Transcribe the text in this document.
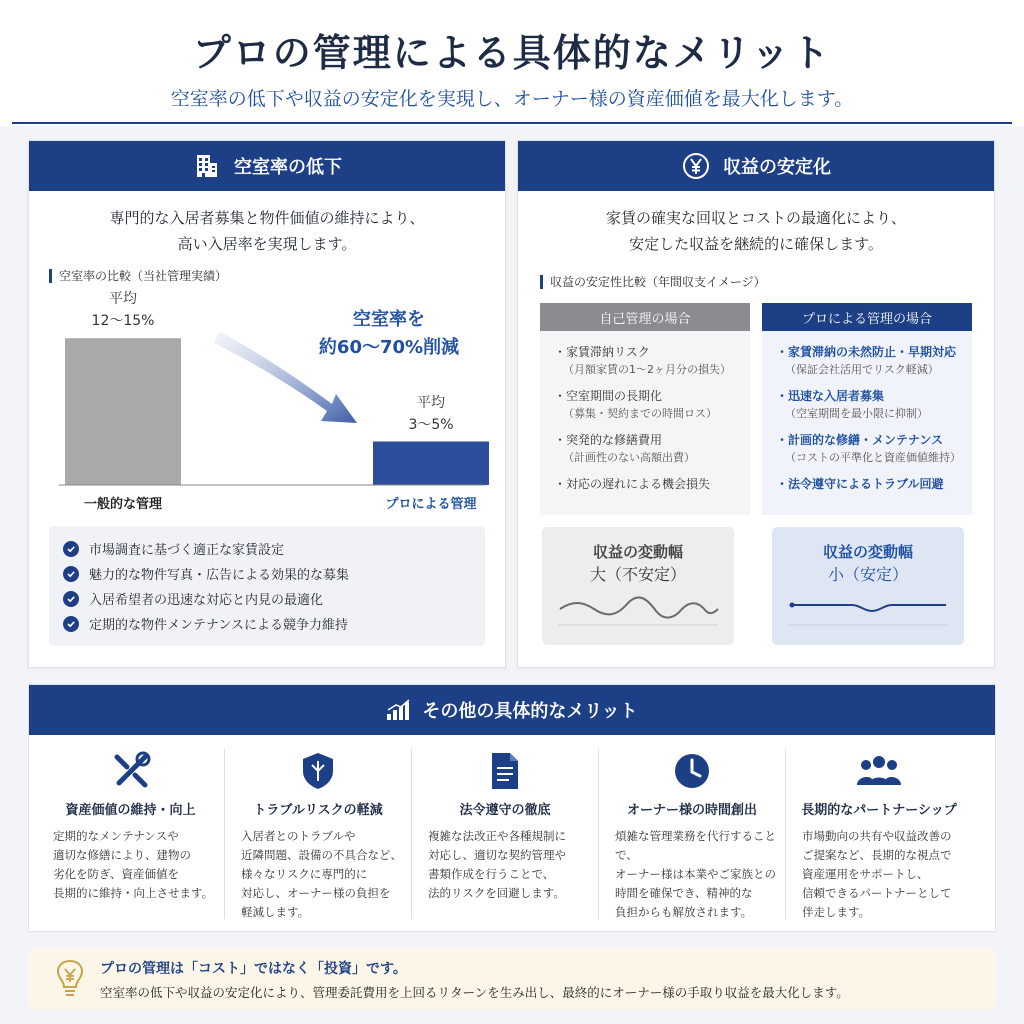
プロの管理による具体的なメリット
空室率の低下や収益の安定化を実現し、オーナー様の資産価値を最大化します。
空室率の低下
専門的な入居者募集と物件価値の維持により、
高い入居率を実現します。
空室率の比較（当社管理実績）
平均
12〜15%
平均
3〜5%
一般的な管理	プロによる管理
空室率を
約60〜70%削減
市場調査に基づく適正な家賃設定
魅力的な物件写真・広告による効果的な募集
入居希望者の迅速な対応と内見の最適化
定期的な物件メンテナンスによる競争力維持
収益の安定化
家賃の確実な回収とコストの最適化により、
安定した収益を継続的に確保します。
収益の安定性比較（年間収支イメージ）
自己管理の場合
・家賃滞納リスク
（月額家賃の1〜2ヶ月分の損失）
・空室期間の長期化
（募集・契約までの時間ロス）
・突発的な修繕費用
（計画性のない高額出費）
・対応の遅れによる機会損失
プロによる管理の場合
・家賃滞納の未然防止・早期対応
（保証会社活用でリスク軽減）
・迅速な入居者募集
（空室期間を最小限に抑制）
・計画的な修繕・メンテナンス
（コストの平準化と資産価値維持）
・法令遵守によるトラブル回避
収益の変動幅
大（不安定）
収益の変動幅
小（安定）
その他の具体的なメリット
資産価値の維持・向上
定期的なメンテナンスや
適切な修繕により、建物の
劣化を防ぎ、資産価値を
長期的に維持・向上させます。
トラブルリスクの軽減
入居者とのトラブルや
近隣問題、設備の不具合など、
様々なリスクに専門的に
対応し、オーナー様の負担を
軽減します。
法令遵守の徹底
複雑な法改正や各種規制に
対応し、適切な契約管理や
書類作成を行うことで、
法的リスクを回避します。
オーナー様の時間創出
煩雑な管理業務を代行することで、
オーナー様は本業やご家族との
時間を確保でき、精神的な
負担からも解放されます。
長期的なパートナーシップ
市場動向の共有や収益改善の
ご提案など、長期的な視点で
資産運用をサポートし、
信頼できるパートナーとして
伴走します。
プロの管理は「コスト」ではなく「投資」です。
空室率の低下や収益の安定化により、管理委託費用を上回るリターンを生み出し、最終的にオーナー様の手取り収益を最大化します。
